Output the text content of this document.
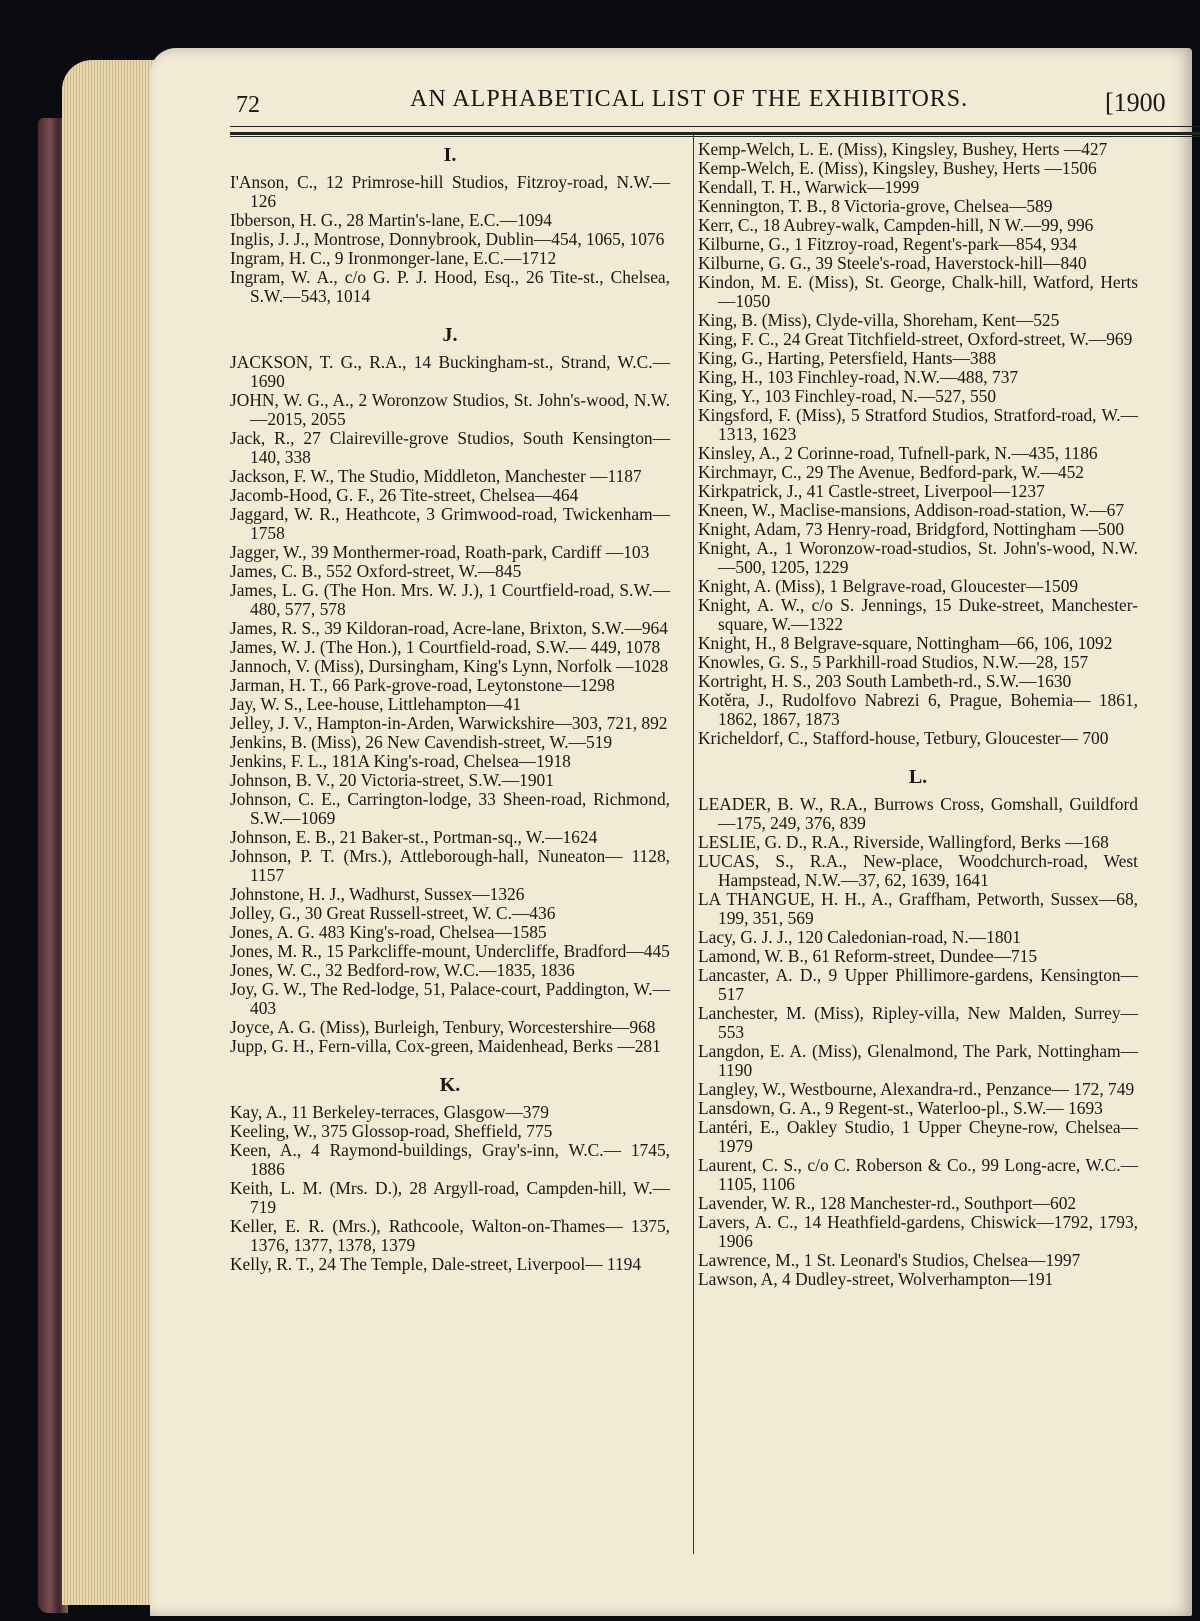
72	AN ALPHABETICAL LIST OF THE EXHIBITORS.	[1900
I.

I'Anson, C., 12 Primrose-hill Studios, Fitzroy-road, N.W.—126

Ibberson, H. G., 28 Martin's-lane, E.C.—1094

Inglis, J. J., Montrose, Donnybrook, Dublin—454, 1065, 1076

Ingram, H. C., 9 Ironmonger-lane, E.C.—1712

Ingram, W. A., c/o G. P. J. Hood, Esq., 26 Tite-st., Chelsea, S.W.—543, 1014

J.

JACKSON, T. G., R.A., 14 Buckingham-st., Strand, W.C.—1690

JOHN, W. G., A., 2 Woronzow Studios, St. John's-wood, N.W.—2015, 2055

Jack, R., 27 Claireville-grove Studios, South Kensington—140, 338

Jackson, F. W., The Studio, Middleton, Manchester —1187

Jacomb-Hood, G. F., 26 Tite-street, Chelsea—464

Jaggard, W. R., Heathcote, 3 Grimwood-road, Twickenham—1758

Jagger, W., 39 Monthermer-road, Roath-park, Cardiff —103

James, C. B., 552 Oxford-street, W.—845

James, L. G. (The Hon. Mrs. W. J.), 1 Courtfield-road, S.W.—480, 577, 578

James, R. S., 39 Kildoran-road, Acre-lane, Brixton, S.W.—964

James, W. J. (The Hon.), 1 Courtfield-road, S.W.— 449, 1078

Jannoch, V. (Miss), Dursingham, King's Lynn, Norfolk —1028

Jarman, H. T., 66 Park-grove-road, Leytonstone—1298

Jay, W. S., Lee-house, Littlehampton—41

Jelley, J. V., Hampton-in-Arden, Warwickshire—303, 721, 892

Jenkins, B. (Miss), 26 New Cavendish-street, W.—519

Jenkins, F. L., 181A King's-road, Chelsea—1918

Johnson, B. V., 20 Victoria-street, S.W.—1901

Johnson, C. E., Carrington-lodge, 33 Sheen-road, Richmond, S.W.—1069

Johnson, E. B., 21 Baker-st., Portman-sq., W.—1624

Johnson, P. T. (Mrs.), Attleborough-hall, Nuneaton— 1128, 1157

Johnstone, H. J., Wadhurst, Sussex—1326

Jolley, G., 30 Great Russell-street, W. C.—436

Jones, A. G. 483 King's-road, Chelsea—1585

Jones, M. R., 15 Parkcliffe-mount, Undercliffe, Bradford—445

Jones, W. C., 32 Bedford-row, W.C.—1835, 1836

Joy, G. W., The Red-lodge, 51, Palace-court, Paddington, W.—403

Joyce, A. G. (Miss), Burleigh, Tenbury, Worcestershire—968

Jupp, G. H., Fern-villa, Cox-green, Maidenhead, Berks —281

K.

Kay, A., 11 Berkeley-terraces, Glasgow—379

Keeling, W., 375 Glossop-road, Sheffield, 775

Keen, A., 4 Raymond-buildings, Gray's-inn, W.C.— 1745, 1886

Keith, L. M. (Mrs. D.), 28 Argyll-road, Campden-hill, W.—719

Keller, E. R. (Mrs.), Rathcoole, Walton-on-Thames— 1375, 1376, 1377, 1378, 1379

Kelly, R. T., 24 The Temple, Dale-street, Liverpool— 1194

Kemp-Welch, L. E. (Miss), Kingsley, Bushey, Herts —427

Kemp-Welch, E. (Miss), Kingsley, Bushey, Herts —1506

Kendall, T. H., Warwick—1999

Kennington, T. B., 8 Victoria-grove, Chelsea—589

Kerr, C., 18 Aubrey-walk, Campden-hill, N W.—99, 996

Kilburne, G., 1 Fitzroy-road, Regent's-park—854, 934

Kilburne, G. G., 39 Steele's-road, Haverstock-hill—840

Kindon, M. E. (Miss), St. George, Chalk-hill, Watford, Herts—1050

King, B. (Miss), Clyde-villa, Shoreham, Kent—525

King, F. C., 24 Great Titchfield-street, Oxford-street, W.—969

King, G., Harting, Petersfield, Hants—388

King, H., 103 Finchley-road, N.W.—488, 737

King, Y., 103 Finchley-road, N.—527, 550

Kingsford, F. (Miss), 5 Stratford Studios, Stratford-road, W.—1313, 1623

Kinsley, A., 2 Corinne-road, Tufnell-park, N.—435, 1186

Kirchmayr, C., 29 The Avenue, Bedford-park, W.—452

Kirkpatrick, J., 41 Castle-street, Liverpool—1237

Kneen, W., Maclise-mansions, Addison-road-station, W.—67

Knight, Adam, 73 Henry-road, Bridgford, Nottingham —500

Knight, A., 1 Woronzow-road-studios, St. John's-wood, N.W.—500, 1205, 1229

Knight, A. (Miss), 1 Belgrave-road, Gloucester—1509

Knight, A. W., c/o S. Jennings, 15 Duke-street, Manchester-square, W.—1322

Knight, H., 8 Belgrave-square, Nottingham—66, 106, 1092

Knowles, G. S., 5 Parkhill-road Studios, N.W.—28, 157

Kortright, H. S., 203 South Lambeth-rd., S.W.—1630

Kotěra, J., Rudolfovo Nabrezi 6, Prague, Bohemia— 1861, 1862, 1867, 1873

Kricheldorf, C., Stafford-house, Tetbury, Gloucester— 700

L.

LEADER, B. W., R.A., Burrows Cross, Gomshall, Guildford—175, 249, 376, 839

LESLIE, G. D., R.A., Riverside, Wallingford, Berks —168

LUCAS, S., R.A., New-place, Woodchurch-road, West Hampstead, N.W.—37, 62, 1639, 1641

LA THANGUE, H. H., A., Graffham, Petworth, Sussex—68, 199, 351, 569

Lacy, G. J. J., 120 Caledonian-road, N.—1801

Lamond, W. B., 61 Reform-street, Dundee—715

Lancaster, A. D., 9 Upper Phillimore-gardens, Kensington—517

Lanchester, M. (Miss), Ripley-villa, New Malden, Surrey—553

Langdon, E. A. (Miss), Glenalmond, The Park, Nottingham—1190

Langley, W., Westbourne, Alexandra-rd., Penzance— 172, 749

Lansdown, G. A., 9 Regent-st., Waterloo-pl., S.W.— 1693

Lantéri, E., Oakley Studio, 1 Upper Cheyne-row, Chelsea—1979

Laurent, C. S., c/o C. Roberson & Co., 99 Long-acre, W.C.—1105, 1106

Lavender, W. R., 128 Manchester-rd., Southport—602

Lavers, A. C., 14 Heathfield-gardens, Chiswick—1792, 1793, 1906

Lawrence, M., 1 St. Leonard's Studios, Chelsea—1997

Lawson, A, 4 Dudley-street, Wolverhampton—191
